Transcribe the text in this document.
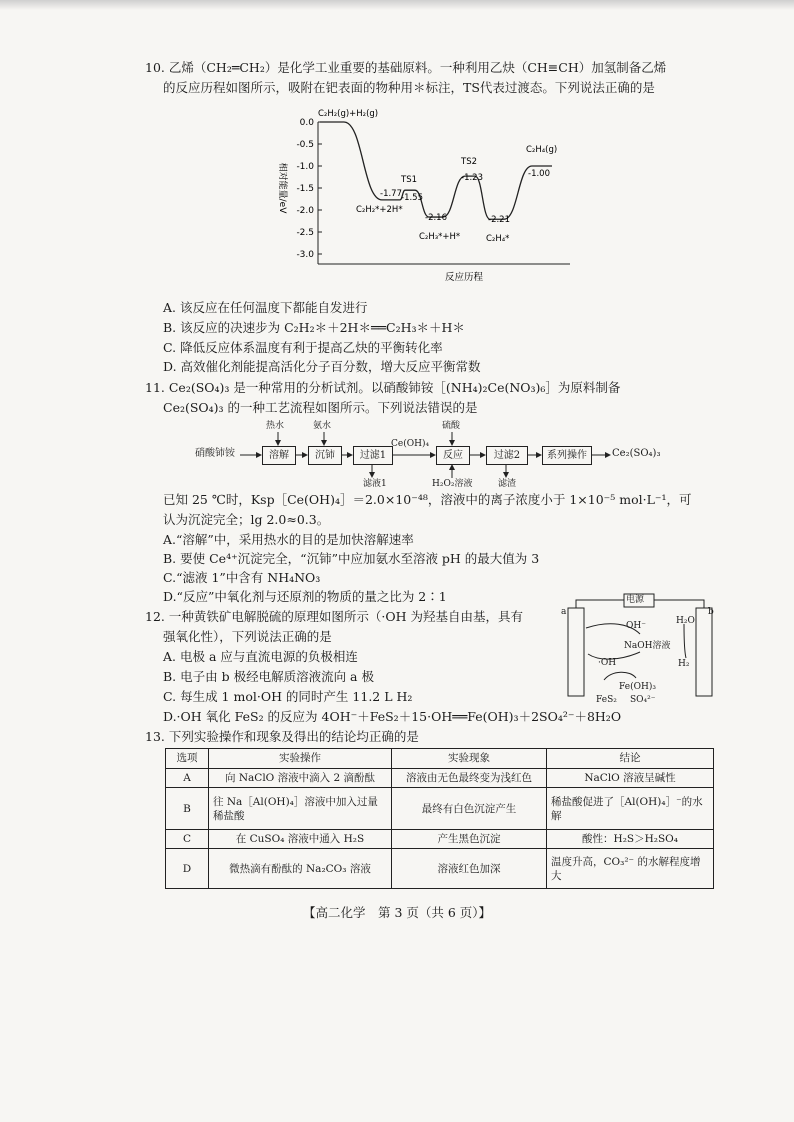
10. 乙烯（CH₂═CH₂）是化学工业重要的基础原料。一种利用乙炔（CH≡CH）加氢制备乙烯
的反应历程如图所示，吸附在钯表面的物种用＊标注，TS代表过渡态。下列说法正确的是
0.0
-0.5
-1.0
-1.5
-2.0
-2.5
-3.0
相对能量/eV
反应历程
C₂H₂(g)+H₂(g)
-1.77
C₂H₂*+2H*
TS1
-1.55
-2.16
C₂H₃*+H*
TS2
-1.23
-2.21
C₂H₄*
C₂H₄(g)
-1.00
A. 该反应在任何温度下都能自发进行
B. 该反应的决速步为 C₂H₂＊＋2H＊══C₂H₃＊＋H＊
C. 降低反应体系温度有利于提高乙炔的平衡转化率
D. 高效催化剂能提高活化分子百分数，增大反应平衡常数
11. Ce₂(SO₄)₃ 是一种常用的分析试剂。以硝酸铈铵［(NH₄)₂Ce(NO₃)₆］为原料制备
Ce₂(SO₄)₃ 的一种工艺流程如图所示。下列说法错误的是
硝酸铈铵	溶解	沉铈	过滤1	反应	过滤2	系列操作	Ce₂(SO₄)₃
热水	氨水	硫酸
Ce(OH)₄
滤液1	H₂O₂溶液	滤渣
已知 25 ℃时，Ksp［Ce(OH)₄］＝2.0×10⁻⁴⁸，溶液中的离子浓度小于 1×10⁻⁵ mol·L⁻¹，可
认为沉淀完全；lg 2.0≈0.3。
A.“溶解”中，采用热水的目的是加快溶解速率
B. 要使 Ce⁴⁺沉淀完全，“沉铈”中应加氨水至溶液 pH 的最大值为 3
C.“滤液 1”中含有 NH₄NO₃
D.“反应”中氧化剂与还原剂的物质的量之比为 2∶1
12. 一种黄铁矿电解脱硫的原理如图所示（·OH 为羟基自由基，具有
强氧化性），下列说法正确的是
A. 电极 a 应与直流电源的负极相连
B. 电子由 b 极经电解质溶液流向 a 极
C. 每生成 1 mol·OH 的同时产生 11.2 L H₂
D.·OH 氧化 FeS₂ 的反应为 4OH⁻＋FeS₂＋15·OH══Fe(OH)₃＋2SO₄²⁻＋8H₂O
电源
a	b
OH⁻	H₂O
NaOH溶液
H₂
·OH
Fe(OH)₃
FeS₂ SO₄²⁻
13. 下列实验操作和现象及得出的结论均正确的是
选项	实验操作	实验现象	结论
A	向 NaClO 溶液中滴入 2 滴酚酞	溶液由无色最终变为浅红色	NaClO 溶液呈碱性
B	往 Na［Al(OH)₄］溶液中加入过量稀盐酸	最终有白色沉淀产生	稀盐酸促进了［Al(OH)₄］⁻的水解
C	在 CuSO₄ 溶液中通入 H₂S	产生黑色沉淀	酸性：H₂S＞H₂SO₄
D	微热滴有酚酞的 Na₂CO₃ 溶液	溶液红色加深	温度升高，CO₃²⁻ 的水解程度增大
【高二化学　第 3 页（共 6 页）】
